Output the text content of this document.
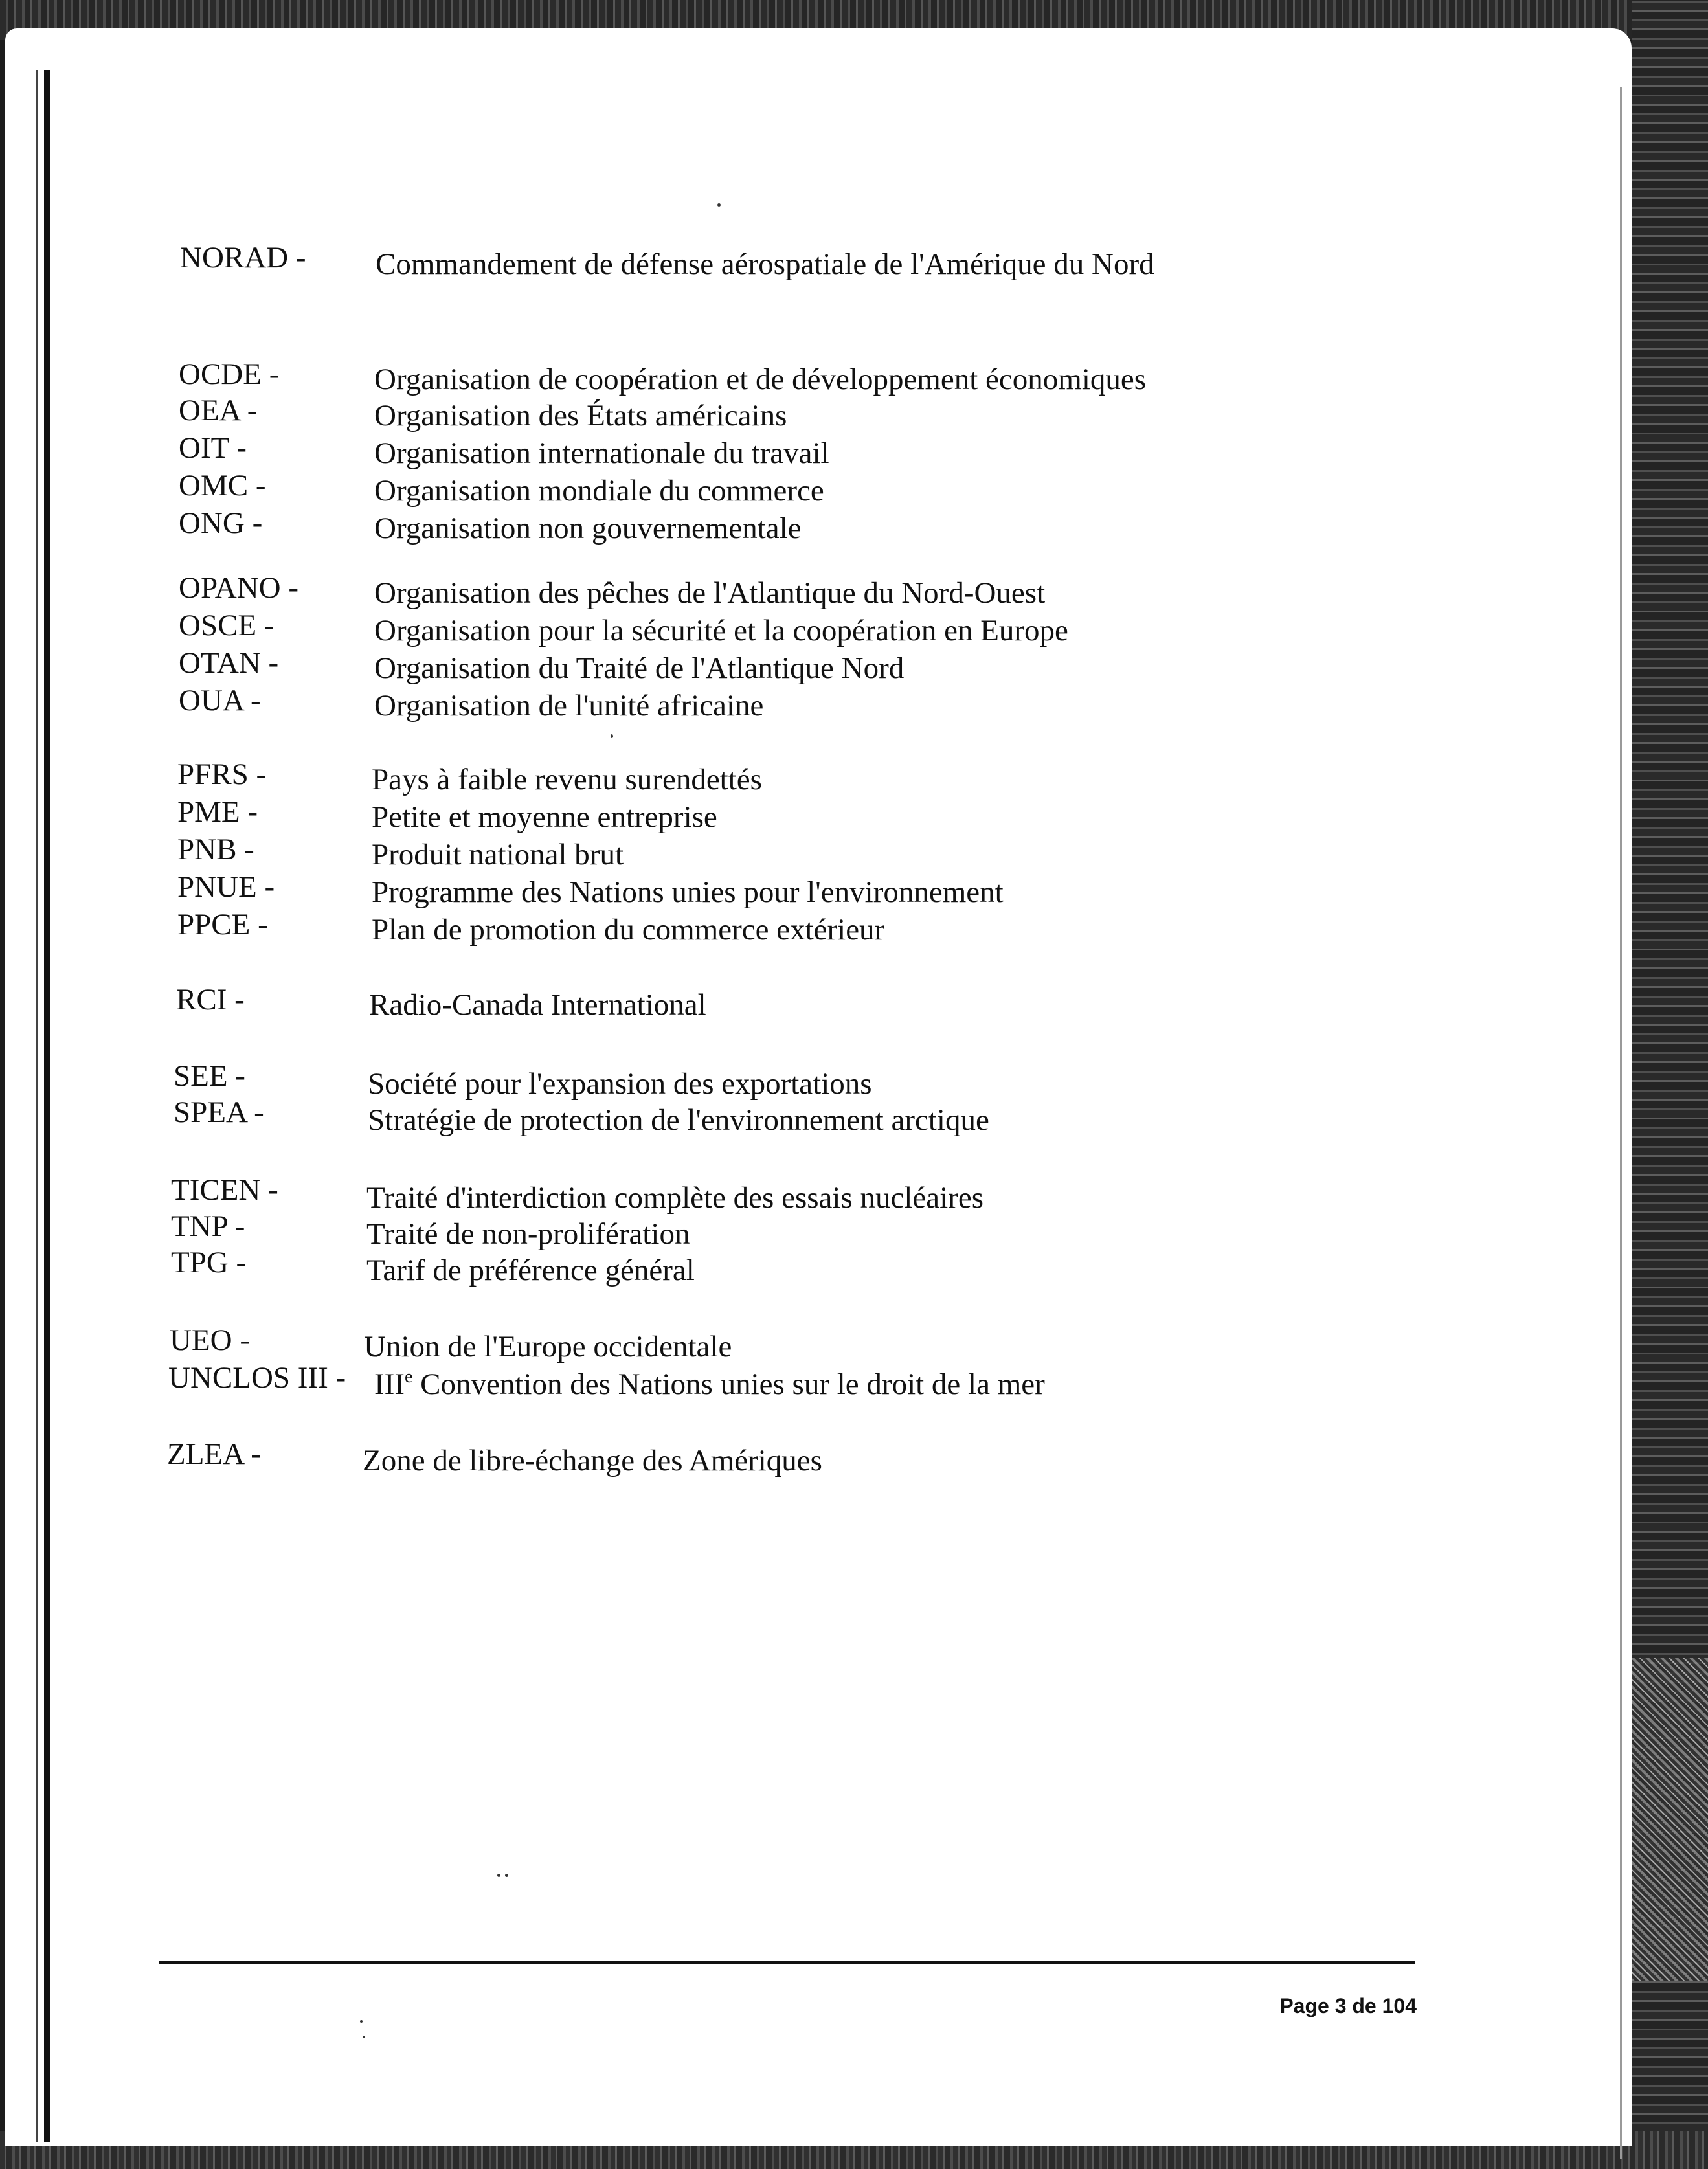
NORAD - Commandement de défense aérospatiale de l'Amérique du Nord
OCDE -	Organisation de coopération et de développement économiques
OEA -	Organisation des États américains
OIT -	Organisation internationale du travail
OMC -	Organisation mondiale du commerce
ONG -	Organisation non gouvernementale
OPANO - Organisation des pêches de l'Atlantique du Nord-Ouest
OSCE -	Organisation pour la sécurité et la coopération en Europe
OTAN -	Organisation du Traité de l'Atlantique Nord
OUA -	Organisation de l'unité africaine
PFRS -	Pays à faible revenu surendettés
PME -	Petite et moyenne entreprise
PNB -	Produit national brut
PNUE -	Programme des Nations unies pour l'environnement
PPCE -	Plan de promotion du commerce extérieur
RCI -	Radio-Canada International
SEE -	Société pour l'expansion des exportations
SPEA -	Stratégie de protection de l'environnement arctique
TICEN -	Traité d'interdiction complète des essais nucléaires
TNP -	Traité de non-prolifération
TPG -	Tarif de préférence général
UEO -	Union de l'Europe occidentale
UNCLOS III - IIIe Convention des Nations unies sur le droit de la mer
ZLEA -	Zone de libre-échange des Amériques
Page 3 de 104
